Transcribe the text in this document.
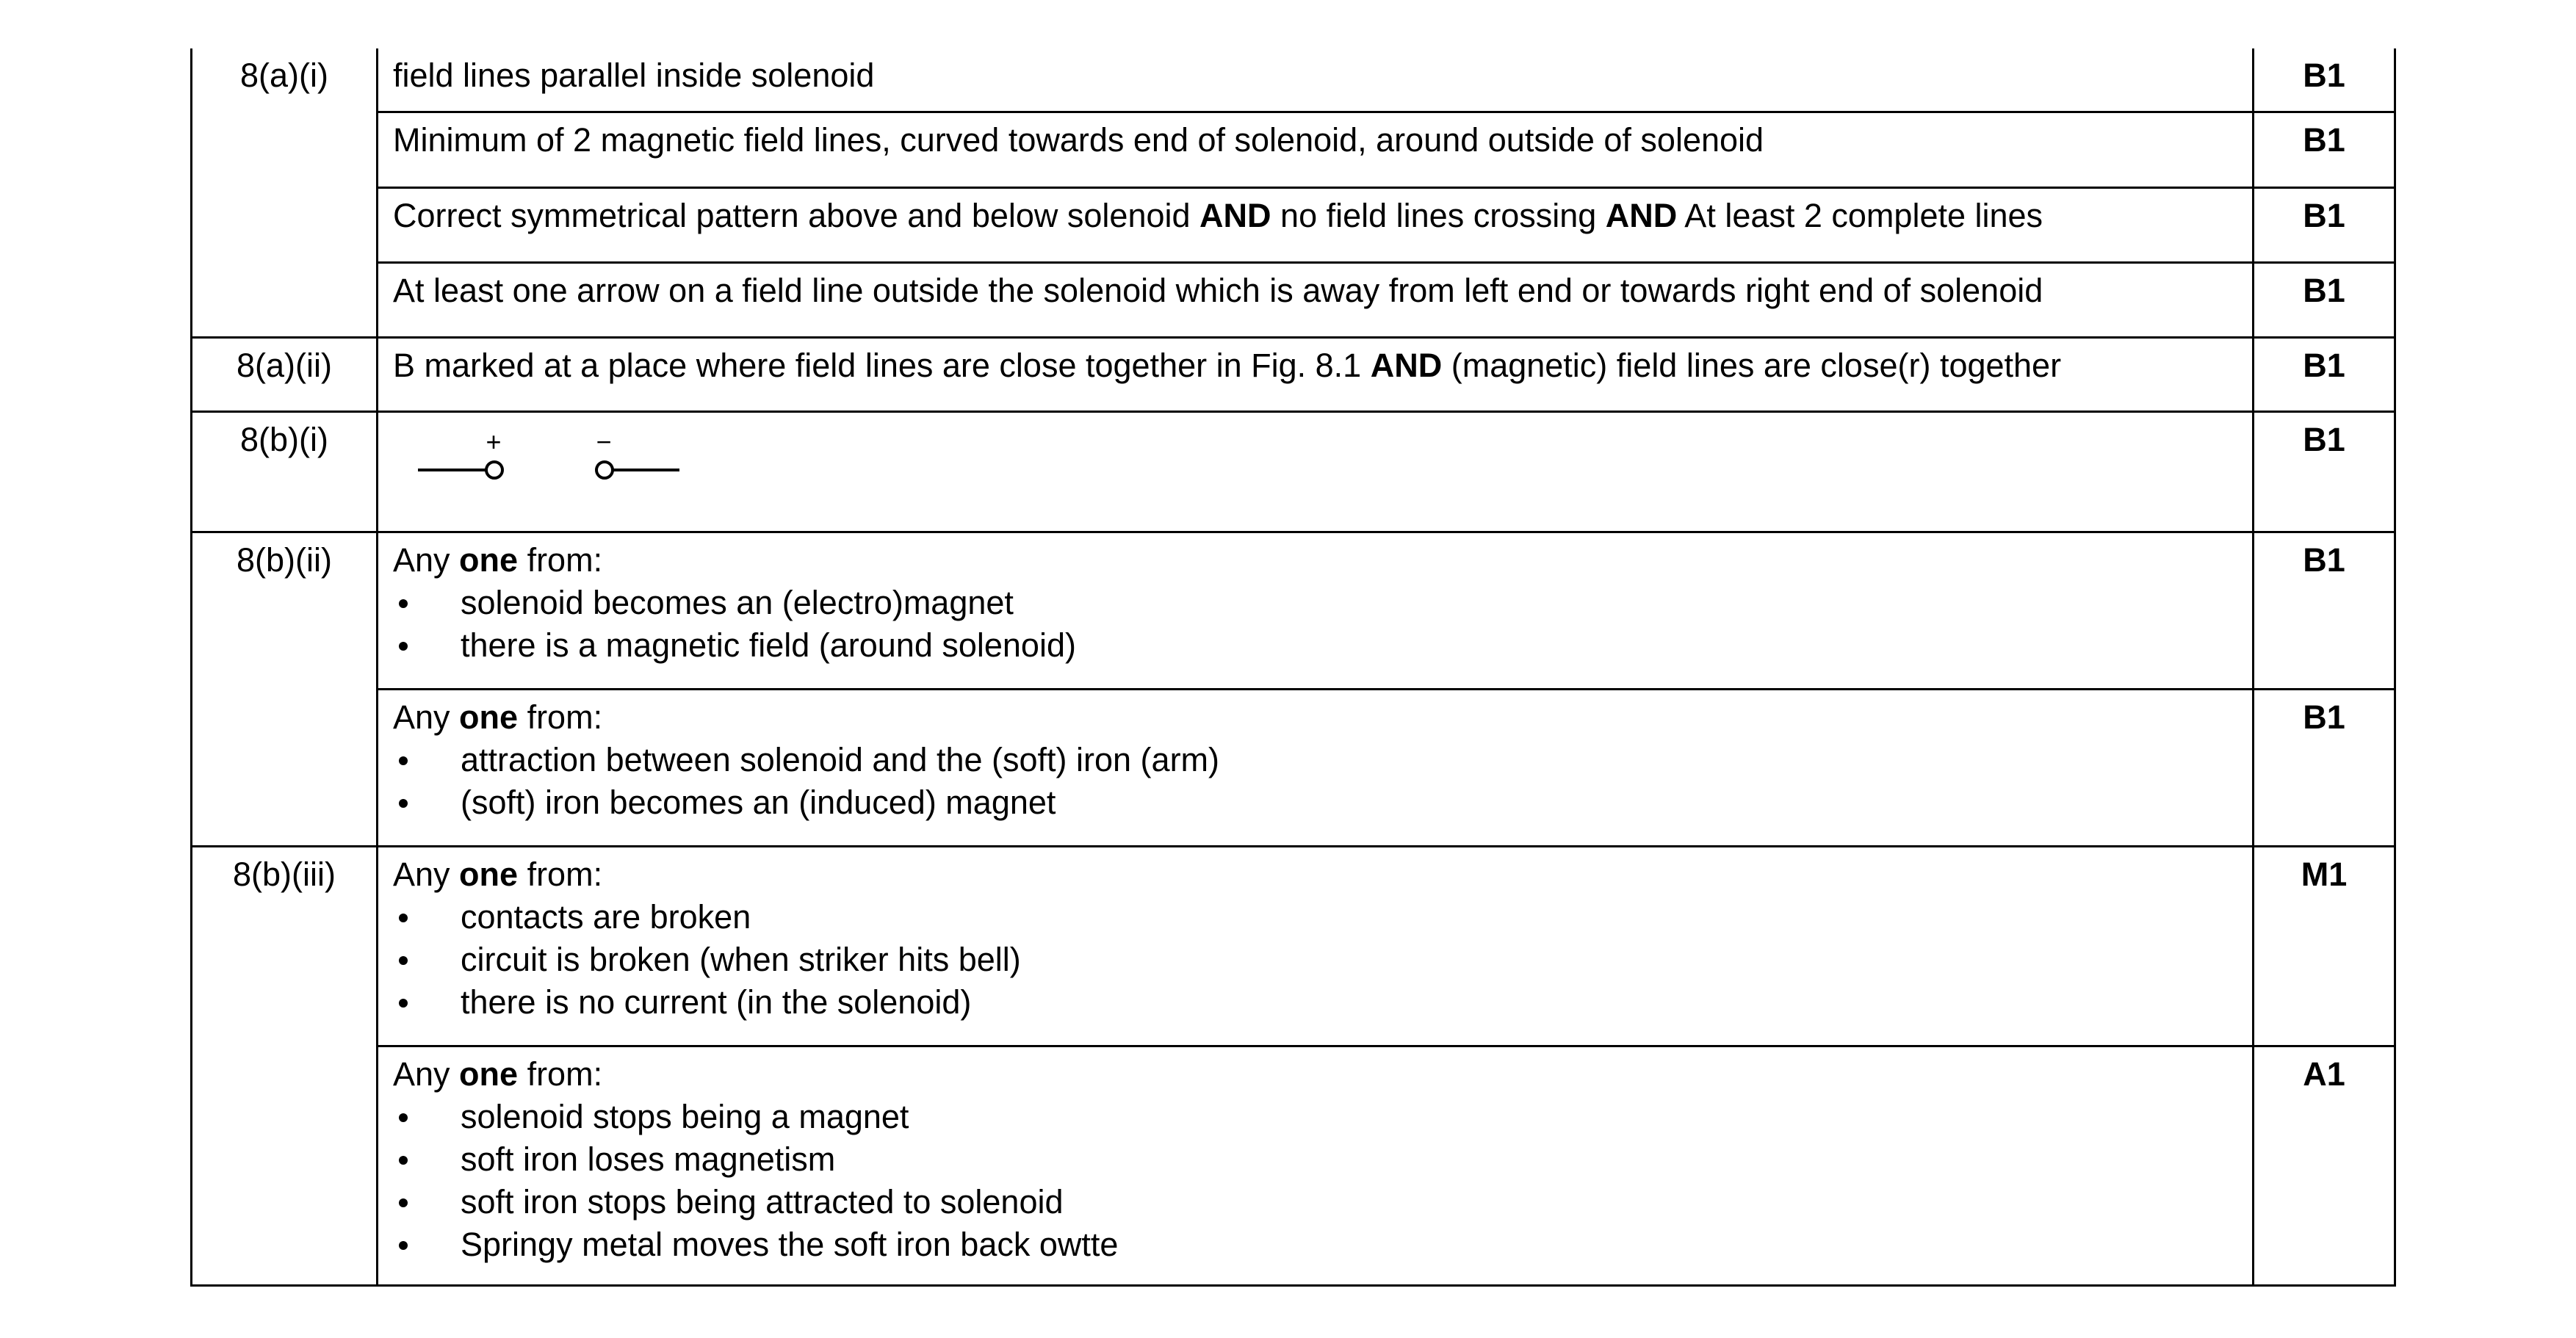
8(a)(i)	field lines parallel inside solenoid	B1
	Minimum of 2 magnetic field lines, curved towards end of solenoid, around outside of solenoid	B1
	Correct symmetrical pattern above and below solenoid AND no field lines crossing AND At least 2 complete lines	B1
	At least one arrow on a field line outside the solenoid which is away from left end or towards right end of solenoid	B1
8(a)(ii)	B marked at a place where field lines are close together in Fig. 8.1 AND (magnetic) field lines are close(r) together	B1
8(b)(i)	+ −	B1
8(b)(ii)	Any one from:
solenoid becomes an (electro)magnet
there is a magnetic field (around solenoid)	B1

	Any one from:
attraction between solenoid and the (soft) iron (arm)
(soft) iron becomes an (induced) magnet	B1
8(b)(iii)	Any one from:
contacts are broken
circuit is broken (when striker hits bell)
there is no current (in the solenoid)	M1

	Any one from:
solenoid stops being a magnet
soft iron loses magnetism
soft iron stops being attracted to solenoid
Springy metal moves the soft iron back owtte	A1
